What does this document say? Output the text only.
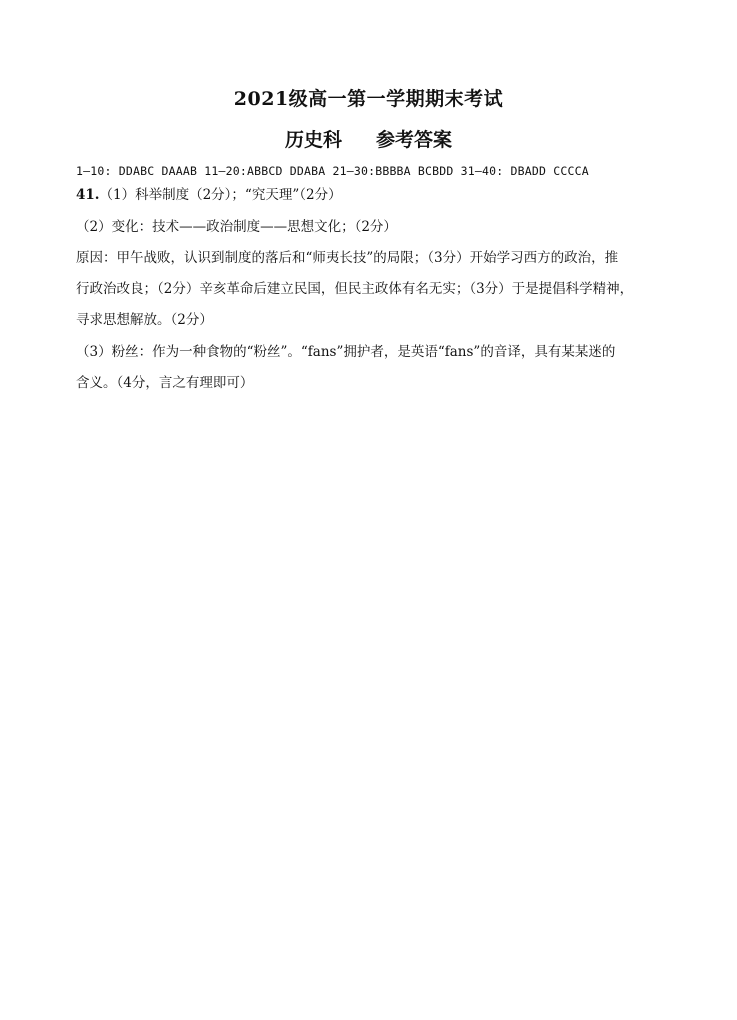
2021级高一第一学期期末考试
历史科 参考答案
1—10: DDABC DAAAB 11—20:ABBCD DDABA 21—30:BBBBA BCBDD 31—40: DBADD CCCCA
41.（1）科举制度（2分）；“究天理”（2分）
（2）变化：技术——政治制度——思想文化；（2分）
原因：甲午战败，认识到制度的落后和“师夷长技”的局限；（3分）开始学习西方的政治，推
行政治改良；（2分）辛亥革命后建立民国，但民主政体有名无实；（3分）于是提倡科学精神，
寻求思想解放。（2分）
（3）粉丝：作为一种食物的“粉丝”。“fans”拥护者，是英语“fans”的音译，具有某某迷的
含义。（4分，言之有理即可）
